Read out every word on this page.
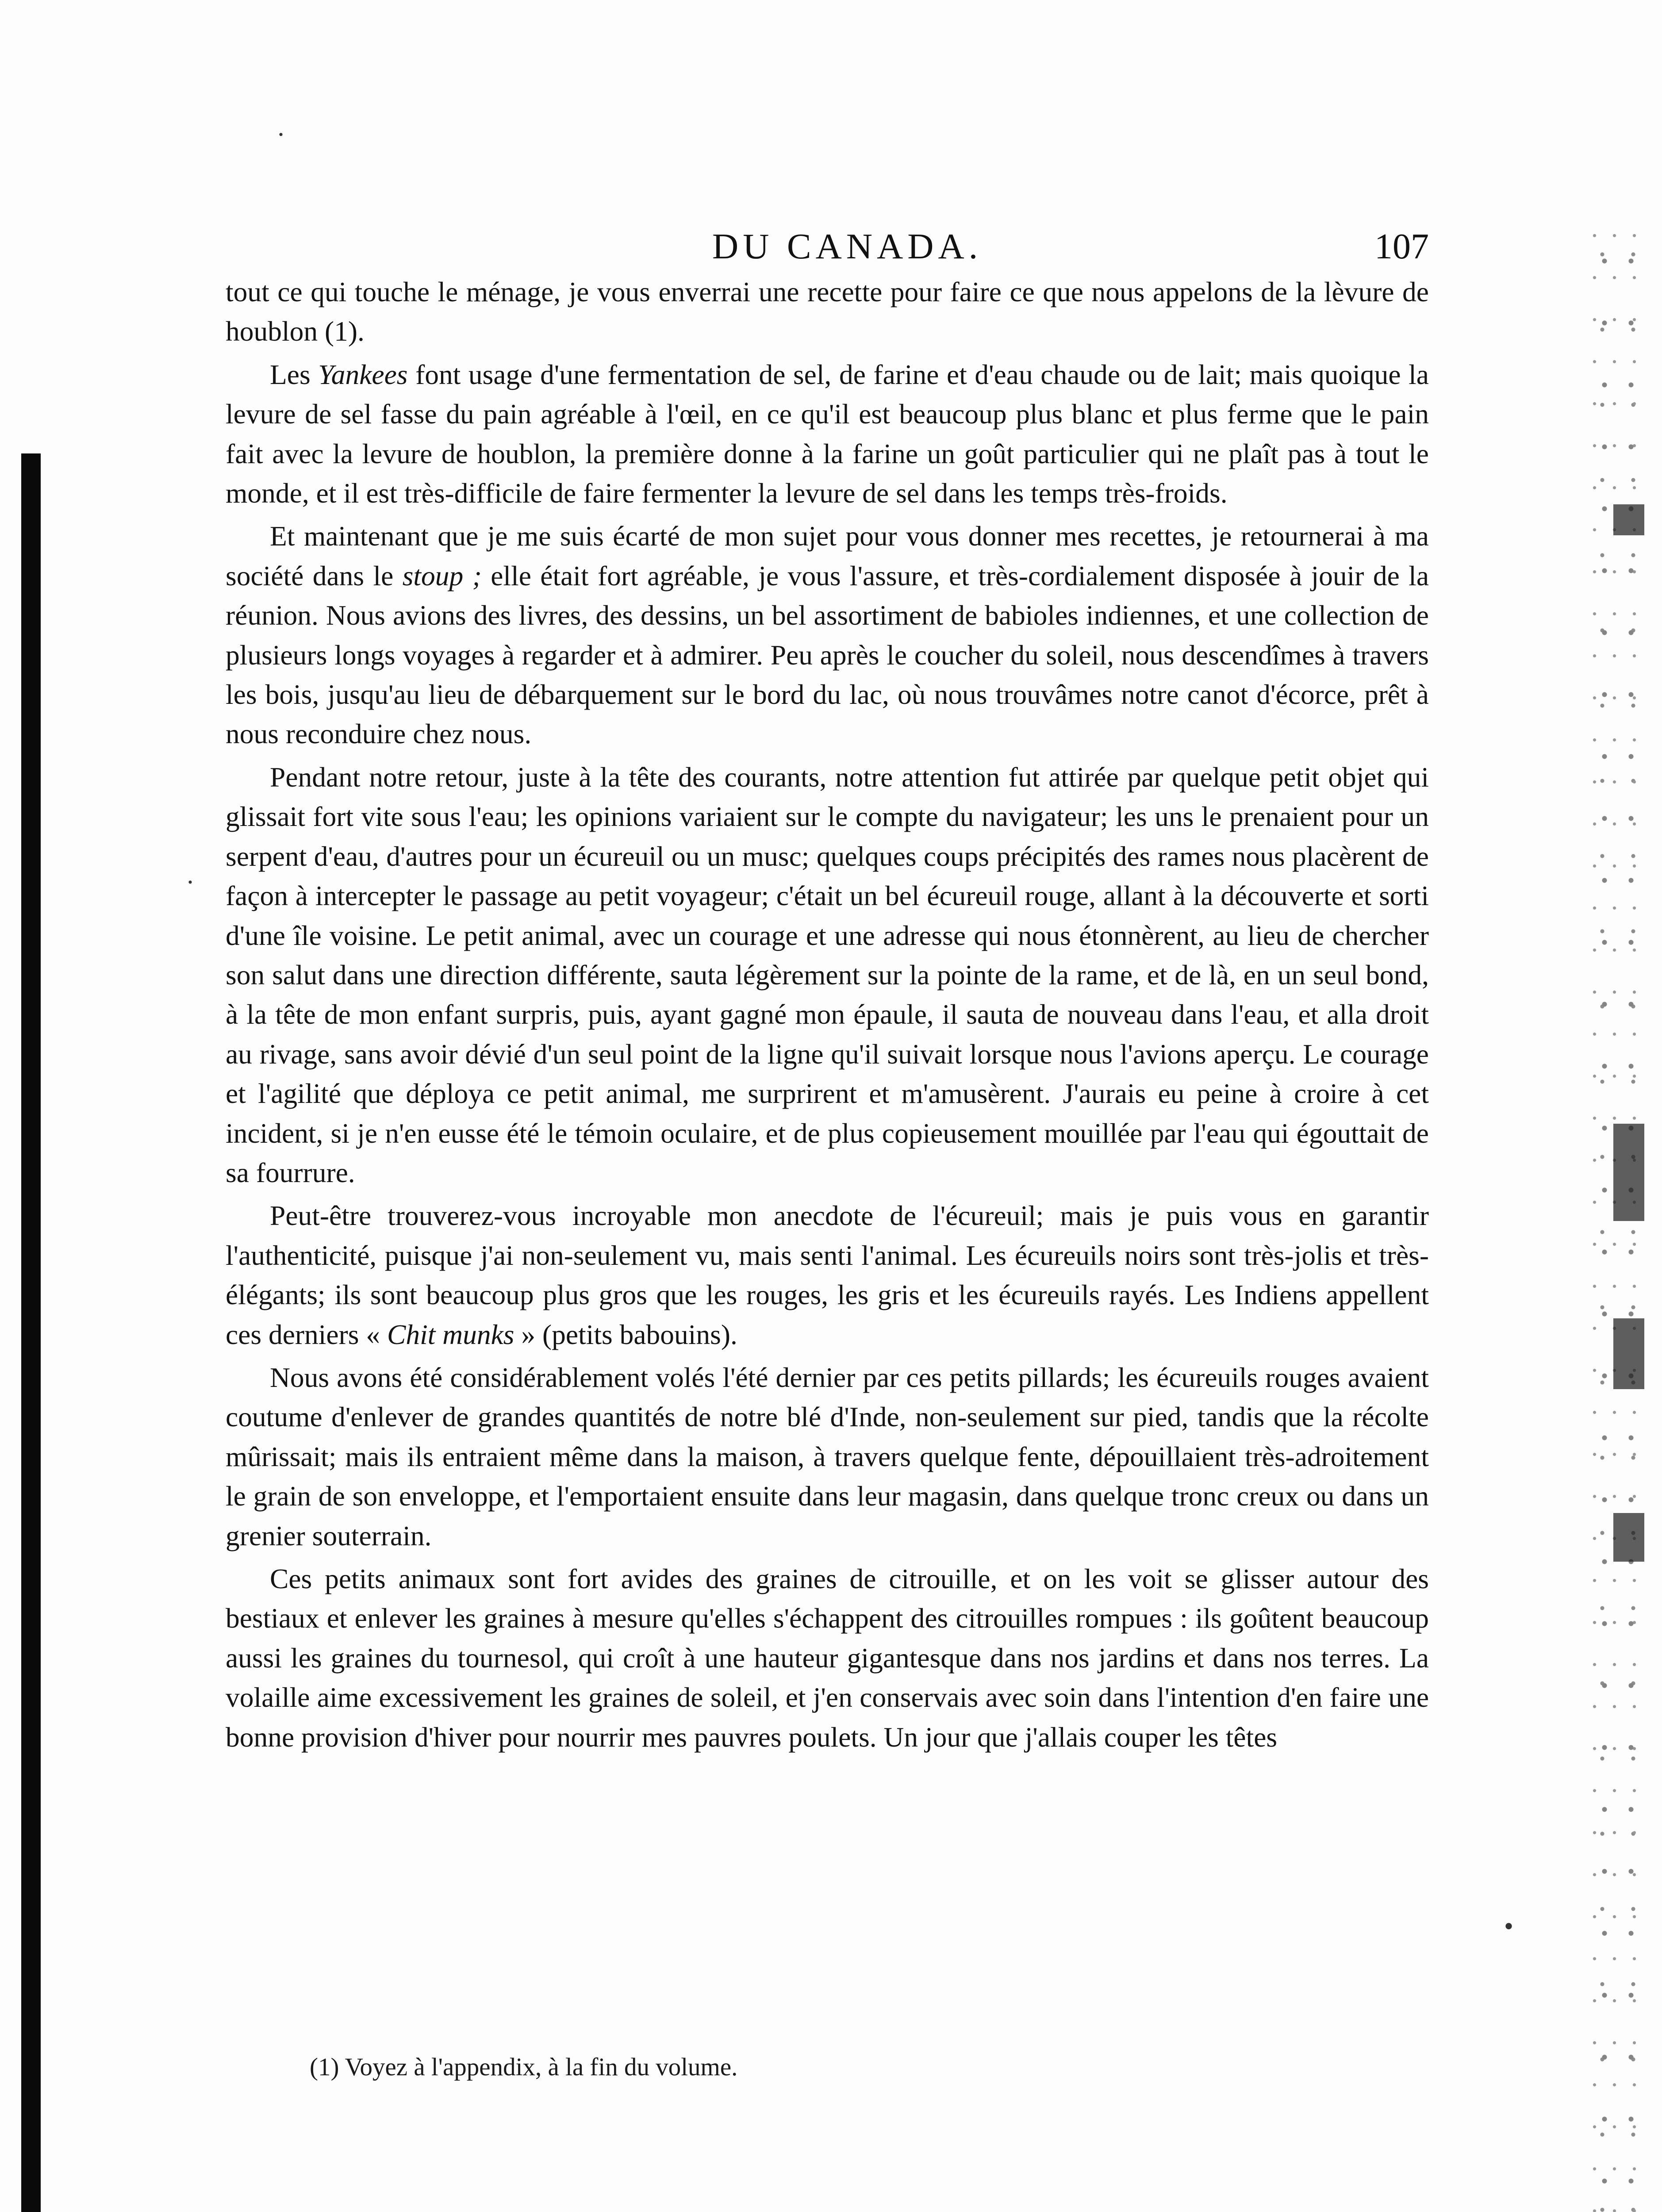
·
·
•
DU CANADA.	107

tout ce qui touche le ménage, je vous enverrai une recette pour faire ce que nous appelons de la lèvure de houblon (1).

Les Yankees font usage d'une fermentation de sel, de farine et d'eau chaude ou de lait; mais quoique la levure de sel fasse du pain agréable à l'œil, en ce qu'il est beaucoup plus blanc et plus ferme que le pain fait avec la levure de houblon, la première donne à la farine un goût particulier qui ne plaît pas à tout le monde, et il est très-difficile de faire fermenter la levure de sel dans les temps très-froids.

Et maintenant que je me suis écarté de mon sujet pour vous donner mes recettes, je retournerai à ma société dans le stoup ; elle était fort agréable, je vous l'assure, et très-cordialement disposée à jouir de la réunion. Nous avions des livres, des dessins, un bel assortiment de babioles indiennes, et une collection de plusieurs longs voyages à regarder et à admirer. Peu après le coucher du soleil, nous descendîmes à travers les bois, jusqu'au lieu de débarquement sur le bord du lac, où nous trouvâmes notre canot d'écorce, prêt à nous reconduire chez nous.

Pendant notre retour, juste à la tête des courants, notre attention fut attirée par quelque petit objet qui glissait fort vite sous l'eau; les opinions variaient sur le compte du navigateur; les uns le prenaient pour un serpent d'eau, d'autres pour un écureuil ou un musc; quelques coups précipités des rames nous placèrent de façon à intercepter le passage au petit voyageur; c'était un bel écureuil rouge, allant à la découverte et sorti d'une île voisine. Le petit animal, avec un courage et une adresse qui nous étonnèrent, au lieu de chercher son salut dans une direction différente, sauta légèrement sur la pointe de la rame, et de là, en un seul bond, à la tête de mon enfant surpris, puis, ayant gagné mon épaule, il sauta de nouveau dans l'eau, et alla droit au rivage, sans avoir dévié d'un seul point de la ligne qu'il suivait lorsque nous l'avions aperçu. Le courage et l'agilité que déploya ce petit animal, me surprirent et m'amusèrent. J'aurais eu peine à croire à cet incident, si je n'en eusse été le témoin oculaire, et de plus copieusement mouillée par l'eau qui égouttait de sa fourrure.

Peut-être trouverez-vous incroyable mon anecdote de l'écureuil; mais je puis vous en garantir l'authenticité, puisque j'ai non-seulement vu, mais senti l'animal. Les écureuils noirs sont très-jolis et très-élégants; ils sont beaucoup plus gros que les rouges, les gris et les écureuils rayés. Les Indiens appellent ces derniers « Chit munks » (petits babouins).

Nous avons été considérablement volés l'été dernier par ces petits pillards; les écureuils rouges avaient coutume d'enlever de grandes quantités de notre blé d'Inde, non-seulement sur pied, tandis que la récolte mûrissait; mais ils entraient même dans la maison, à travers quelque fente, dépouillaient très-adroitement le grain de son enveloppe, et l'emportaient ensuite dans leur magasin, dans quelque tronc creux ou dans un grenier souterrain.

Ces petits animaux sont fort avides des graines de citrouille, et on les voit se glisser autour des bestiaux et enlever les graines à mesure qu'elles s'échappent des citrouilles rompues : ils goûtent beaucoup aussi les graines du tournesol, qui croît à une hauteur gigantesque dans nos jardins et dans nos terres. La volaille aime excessivement les graines de soleil, et j'en conservais avec soin dans l'intention d'en faire une bonne provision d'hiver pour nourrir mes pauvres poulets. Un jour que j'allais couper les têtes

(1) Voyez à l'appendix, à la fin du volume.
